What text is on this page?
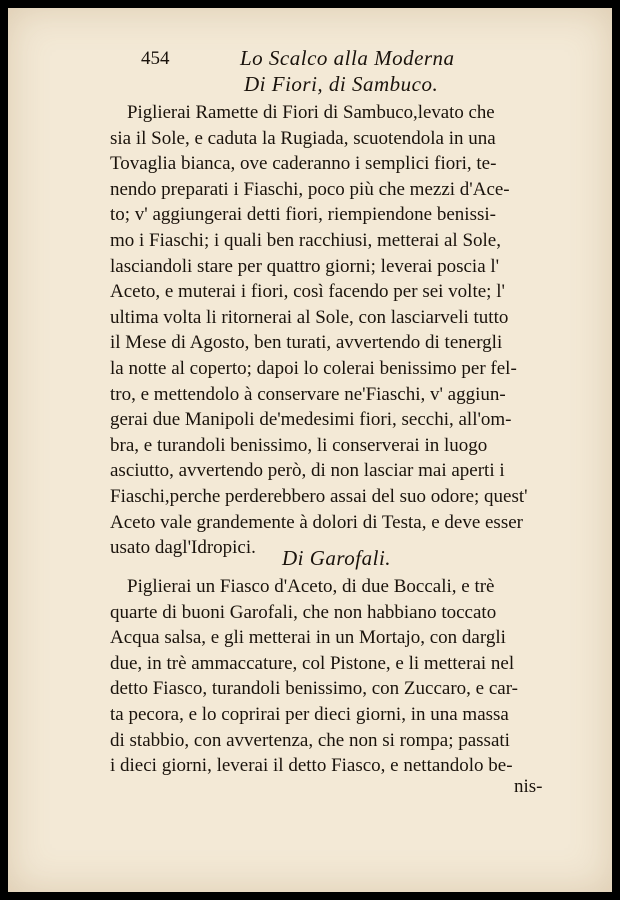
454	Lo Scalco alla Moderna
Di Fiori, di Sambuco.
Piglierai Ramette di Fiori di Sambuco,levato che
sia il Sole, e caduta la Rugiada, scuotendola in una
Tovaglia bianca, ove caderanno i semplici fiori, te-
nendo preparati i Fiaschi, poco più che mezzi d'Ace-
to; v' aggiungerai detti fiori, riempiendone benissi-
mo i Fiaschi; i quali ben racchiusi, metterai al Sole,
lasciandoli stare per quattro giorni; leverai poscia l'
Aceto, e muterai i fiori, così facendo per sei volte; l'
ultima volta li ritornerai al Sole, con lasciarveli tutto
il Mese di Agosto, ben turati, avvertendo di tenergli
la notte al coperto; dapoi lo colerai benissimo per fel-
tro, e mettendolo à conservare ne'Fiaschi, v' aggiun-
gerai due Manipoli de'medesimi fiori, secchi, all'om-
bra, e turandoli benissimo, li conserverai in luogo
asciutto, avvertendo però, di non lasciar mai aperti i
Fiaschi,perche perderebbero assai del suo odore; quest'
Aceto vale grandemente à dolori di Testa, e deve esser
usato dagl'Idropici.	Di Garofali.
Piglierai un Fiasco d'Aceto, di due Boccali, e trè
quarte di buoni Garofali, che non habbiano toccato
Acqua salsa, e gli metterai in un Mortajo, con dargli
due, in trè ammaccature, col Pistone, e li metterai nel
detto Fiasco, turandoli benissimo, con Zuccaro, e car-
ta pecora, e lo coprirai per dieci giorni, in una massa
di stabbio, con avvertenza, che non si rompa; passati
i dieci giorni, leverai il detto Fiasco, e nettandolo be-
nis-
